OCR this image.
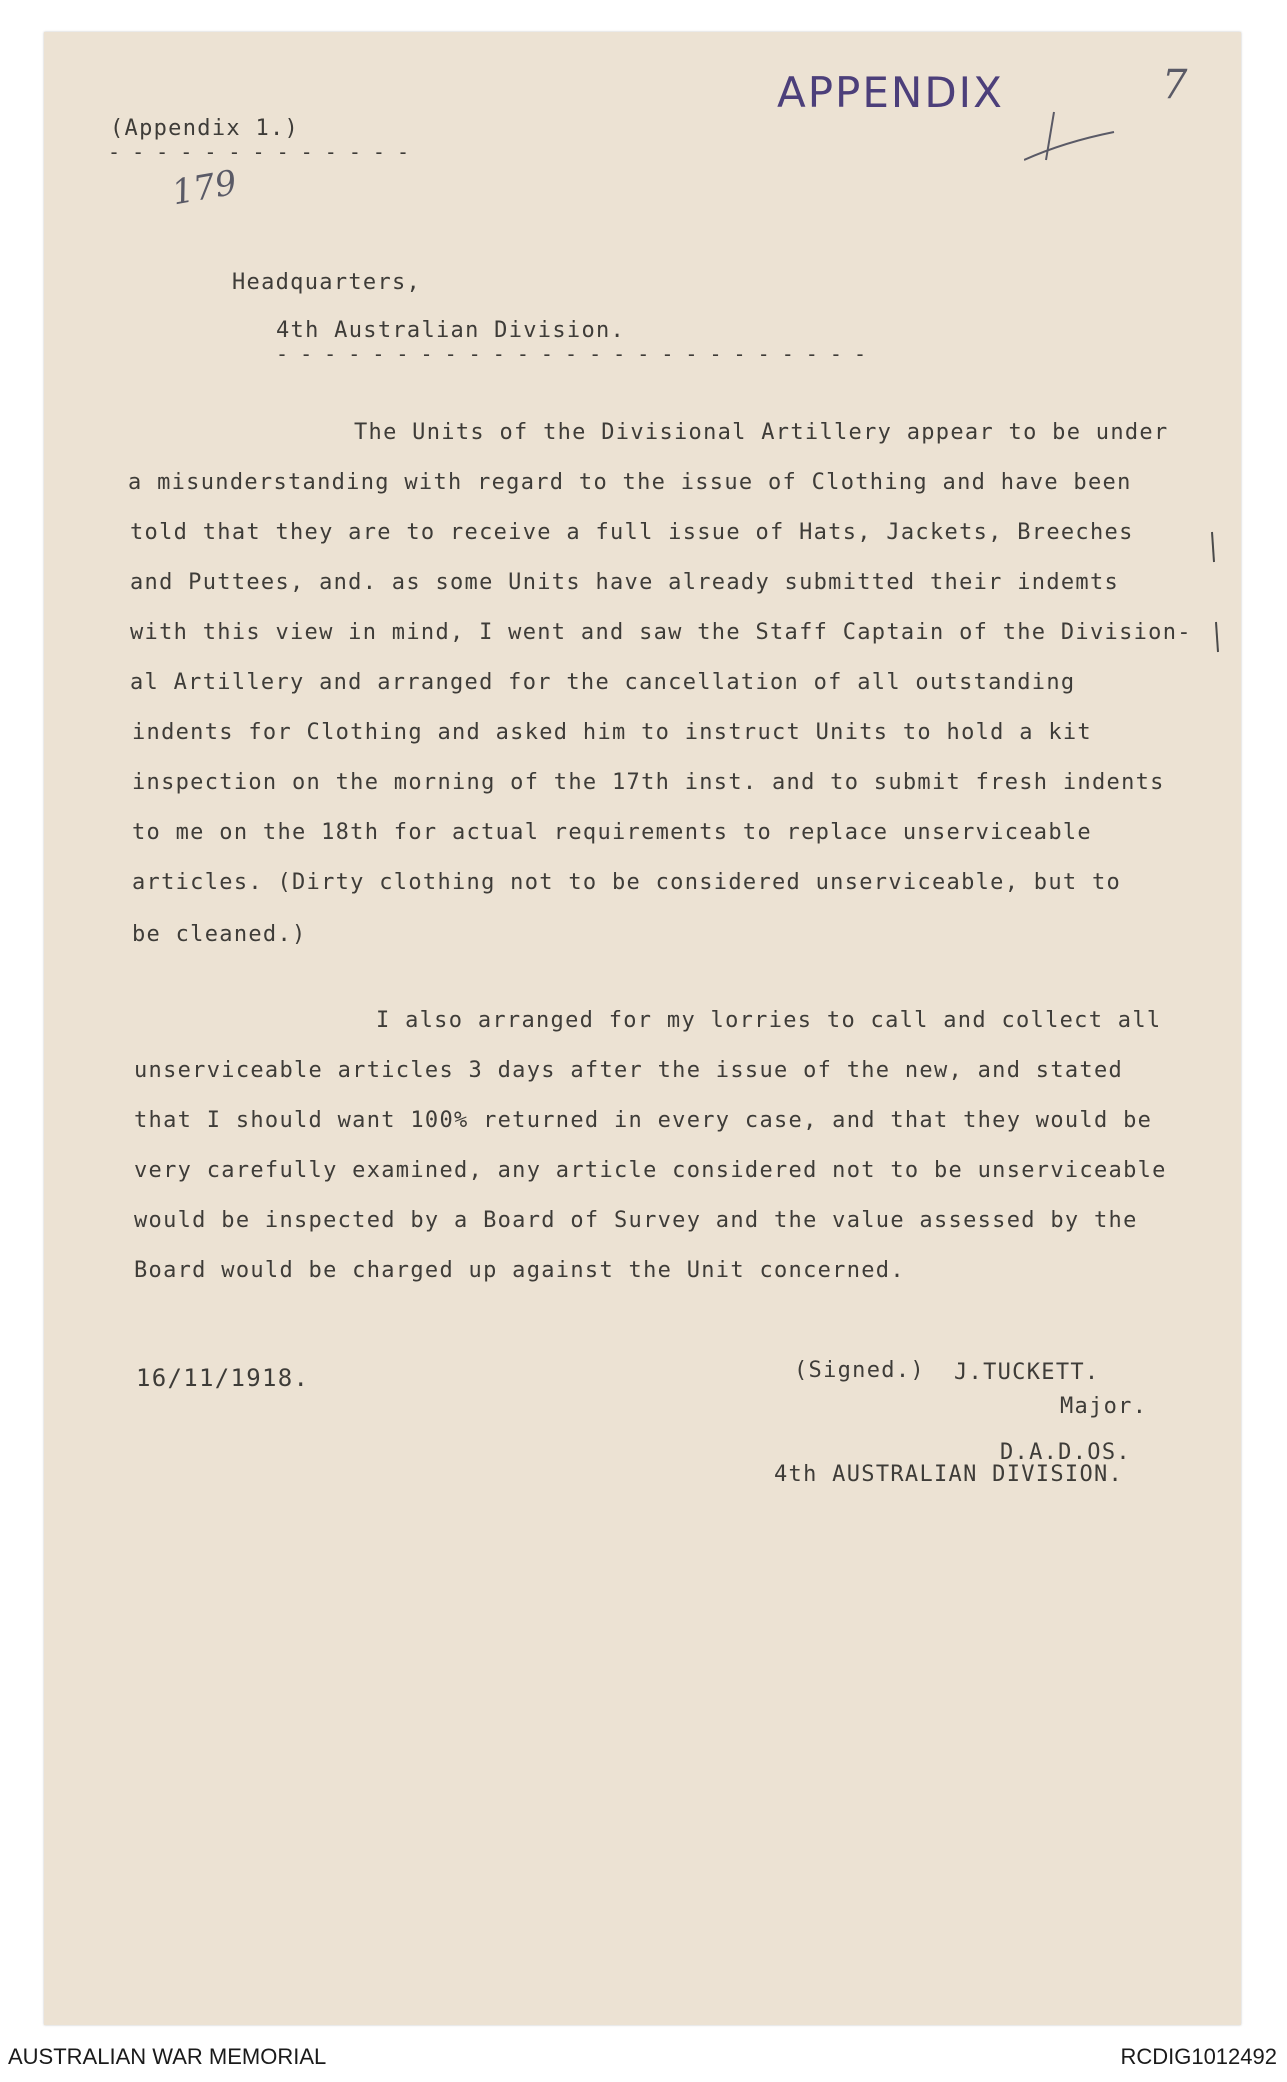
APPENDIX	7
(Appendix 1.)
- - - - - - - - - - - - -
179
Headquarters,
4th Australian Division.
- - - - - - - - - - - - - - - - - - - - - - - - -
The Units of the Divisional Artillery appear to be under
a misunderstanding with regard to the issue of Clothing and have been
told that they are to receive a full issue of Hats, Jackets, Breeches
and Puttees, and. as some Units have already submitted their indemts
with this view in mind, I went and saw the Staff Captain of the Division-
al Artillery and arranged for the cancellation of all outstanding
indents for Clothing and asked him to instruct Units to hold a kit
inspection on the morning of the 17th inst. and to submit fresh indents
to me on the 18th for actual requirements to replace unserviceable
articles. (Dirty clothing not to be considered unserviceable, but to
be cleaned.)
I also arranged for my lorries to call and collect all
unserviceable articles 3 days after the issue of the new, and stated
that I should want 100% returned in every case, and that they would be
very carefully examined, any article considered not to be unserviceable
would be inspected by a Board of Survey and the value assessed by the
Board would be charged up against the Unit concerned.
16/11/1918.	(Signed.) J.TUCKETT.
Major.
D.A.D.OS.
4th AUSTRALIAN DIVISION.
AUSTRALIAN WAR MEMORIAL	RCDIG1012492
